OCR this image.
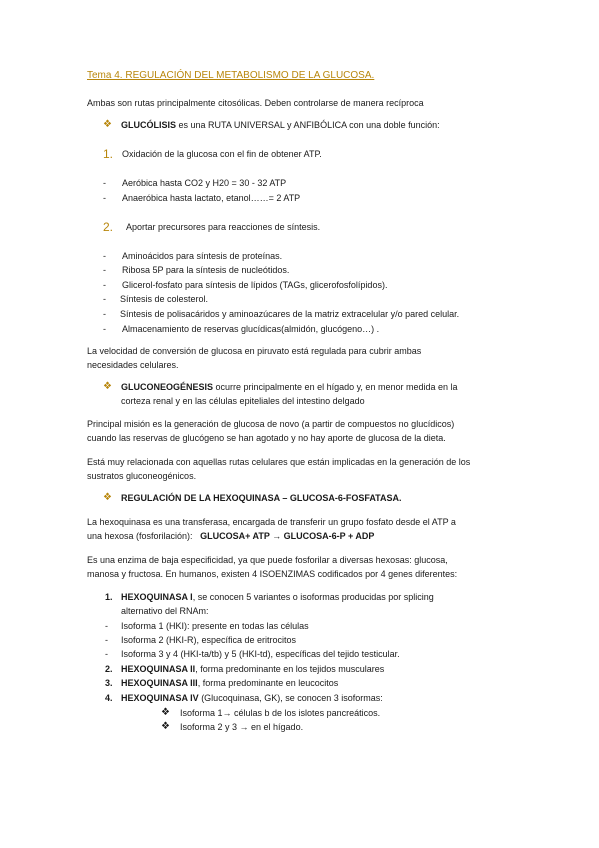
Tema 4. REGULACIÓN DEL METABOLISMO DE LA GLUCOSA.
Ambas son rutas principalmente citosólicas. Deben controlarse de manera recíproca
❖ GLUCÓLISIS es una RUTA UNIVERSAL y ANFIBÓLICA con una doble función:
1. Oxidación de la glucosa con el fin de obtener ATP.
- Aeróbica hasta CO2 y H20 = 30 - 32 ATP
- Anaeróbica hasta lactato, etanol……= 2 ATP
2. Aportar precursores para reacciones de síntesis.
- Aminoácidos para síntesis de proteínas.
- Ribosa 5P para la síntesis de nucleótidos.
- Glicerol-fosfato para síntesis de lípidos (TAGs, glicerofosfolípidos).
- Síntesis de colesterol.
- Síntesis de polisacáridos y aminoazúcares de la matriz extracelular y/o pared celular.
- Almacenamiento de reservas glucídicas(almidón, glucógeno…) .
La velocidad de conversión de glucosa en piruvato está regulada para cubrir ambas
necesidades celulares.
❖ GLUCONEOGÉNESIS ocurre principalmente en el hígado y, en menor medida en la
corteza renal y en las células epiteliales del intestino delgado
Principal misión es la generación de glucosa de novo (a partir de compuestos no glucídicos)
cuando las reservas de glucógeno se han agotado y no hay aporte de glucosa de la dieta.
Está muy relacionada con aquellas rutas celulares que están implicadas en la generación de los
sustratos gluconeogénicos.
❖ REGULACIÓN DE LA HEXOQUINASA – GLUCOSA-6-FOSFATASA.
La hexoquinasa es una transferasa, encargada de transferir un grupo fosfato desde el ATP a
una hexosa (fosforilación): GLUCOSA+ ATP → GLUCOSA-6-P + ADP
Es una enzima de baja especificidad, ya que puede fosforilar a diversas hexosas: glucosa,
manosa y fructosa. En humanos, existen 4 ISOENZIMAS codificados por 4 genes diferentes:
1. HEXOQUINASA I, se conocen 5 variantes o isoformas producidas por splicing
alternativo del RNAm:
- Isoforma 1 (HKI): presente en todas las células
- Isoforma 2 (HKI-R), específica de eritrocitos
- Isoforma 3 y 4 (HKI-ta/tb) y 5 (HKI-td), específicas del tejido testicular.
2. HEXOQUINASA II, forma predominante en los tejidos musculares
3. HEXOQUINASA III, forma predominante en leucocitos
4. HEXOQUINASA IV (Glucoquinasa, GK), se conocen 3 isoformas:
❖ Isoforma 1→ células b de los islotes pancreáticos.
❖ Isoforma 2 y 3 → en el hígado.
